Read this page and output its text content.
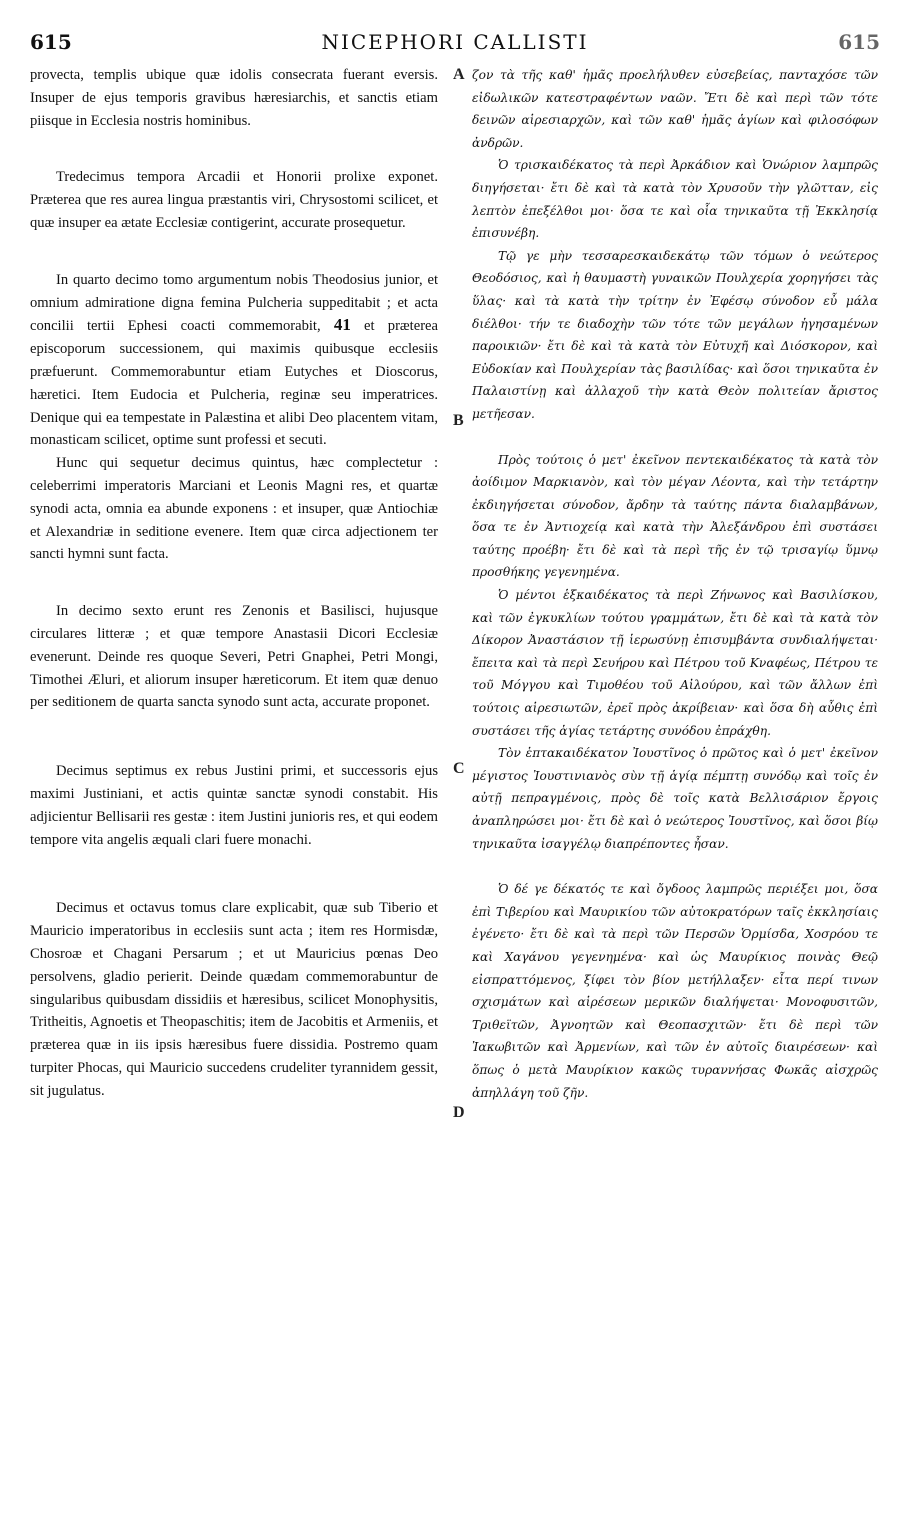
615	NICEPHORI CALLISTI	615
A
B
C
D

provecta, templis ubique quæ idolis consecrata fuerant eversis. Insuper de ejus temporis gravibus hæresiarchis, et sanctis etiam piisque in Ecclesia nostris hominibus.

Tredecimus tempora Arcadii et Honorii prolixe exponet. Præterea que res aurea lingua præstantis viri, Chrysostomi scilicet, et quæ insuper ea ætate Ecclesiæ contigerint, accurate prosequetur.

In quarto decimo tomo argumentum nobis Theodosius junior, et omnium admiratione digna femina Pulcheria suppeditabit ; et acta concilii tertii Ephesi coacti commemorabit, 41 et præterea episcoporum successionem, qui maximis quibusque ecclesiis præfuerunt. Commemorabuntur etiam Eutyches et Dioscorus, hæretici. Item Eudocia et Pulcheria, reginæ seu imperatrices. Denique qui ea tempestate in Palæstina et alibi Deo placentem vitam, monasticam scilicet, optime sunt professi et secuti.

Hunc qui sequetur decimus quintus, hæc complectetur : celeberrimi imperatoris Marciani et Leonis Magni res, et quartæ synodi acta, omnia ea abunde exponens : et insuper, quæ Antiochiæ et Alexandriæ in seditione evenere. Item quæ circa adjectionem ter sancti hymni sunt facta.

In decimo sexto erunt res Zenonis et Basilisci, hujusque circulares litteræ ; et quæ tempore Anastasii Dicori Ecclesiæ evenerunt. Deinde res quoque Severi, Petri Gnaphei, Petri Mongi, Timothei Æluri, et aliorum insuper hæreticorum. Et item quæ denuo per seditionem de quarta sancta synodo sunt acta, accurate proponet.

Decimus septimus ex rebus Justini primi, et successoris ejus maximi Justiniani, et actis quintæ sanctæ synodi constabit. His adjicientur Bellisarii res gestæ : item Justini junioris res, et qui eodem tempore vita angelis æquali clari fuere monachi.

Decimus et octavus tomus clare explicabit, quæ sub Tiberio et Mauricio imperatoribus in ecclesiis sunt acta ; item res Hormisdæ, Chosroæ et Chagani Persarum ; et ut Mauricius pœnas Deo persolvens, gladio perierit. Deinde quædam commemorabuntur de singularibus quibusdam dissidiis et hæresibus, scilicet Monophysitis, Tritheitis, Agnoetis et Theopaschitis; item de Jacobitis et Armeniis, et præterea quæ in iis ipsis hæresibus fuere dissidia. Postremo quam turpiter Phocas, qui Mauricio succedens crudeliter tyrannidem gessit, sit jugulatus.

ζον τὰ τῆς καθ' ἡμᾶς προελήλυθεν εὐσεβείας, πανταχόσε τῶν εἰδωλικῶν κατεστραφέντων ναῶν. Ἔτι δὲ καὶ περὶ τῶν τότε δεινῶν αἱρεσιαρχῶν, καὶ τῶν καθ' ἡμᾶς ἁγίων καὶ φιλοσόφων ἀνδρῶν.

Ὁ τρισκαιδέκατος τὰ περὶ Ἀρκάδιον καὶ Ὁνώριον λαμπρῶς διηγήσεται· ἔτι δὲ καὶ τὰ κατὰ τὸν Χρυσοῦν τὴν γλῶτταν, εἰς λεπτὸν ἐπεξέλθοι μοι· ὅσα τε καὶ οἷα τηνικαῦτα τῇ Ἐκκλησίᾳ ἐπισυνέβη.

Τῷ γε μὴν τεσσαρεσκαιδεκάτῳ τῶν τόμων ὁ νεώτερος Θεοδόσιος, καὶ ἡ θαυμαστὴ γυναικῶν Πουλχερία χορηγήσει τὰς ὕλας· καὶ τὰ κατὰ τὴν τρίτην ἐν Ἐφέσῳ σύνοδον εὖ μάλα διέλθοι· τήν τε διαδοχὴν τῶν τότε τῶν μεγάλων ἡγησαμένων παροικιῶν· ἔτι δὲ καὶ τὰ κατὰ τὸν Εὐτυχῆ καὶ Διόσκορον, καὶ Εὐδοκίαν καὶ Πουλχερίαν τὰς βασιλίδας· καὶ ὅσοι τηνικαῦτα ἐν Παλαιστίνῃ καὶ ἀλλαχοῦ τὴν κατὰ Θεὸν πολιτείαν ἄριστος μετῆεσαν.

Πρὸς τούτοις ὁ μετ' ἐκεῖνον πεντεκαιδέκατος τὰ κατὰ τὸν ἀοίδιμον Μαρκιανὸν, καὶ τὸν μέγαν Λέοντα, καὶ τὴν τετάρτην ἐκδιηγήσεται σύνοδον, ἄρδην τὰ ταύτης πάντα διαλαμβάνων, ὅσα τε ἐν Ἀντιοχείᾳ καὶ κατὰ τὴν Ἀλεξάνδρου ἐπὶ συστάσει ταύτης προέβη· ἔτι δὲ καὶ τὰ περὶ τῆς ἐν τῷ τρισαγίῳ ὕμνῳ προσθήκης γεγενημένα.

Ὁ μέντοι ἑξκαιδέκατος τὰ περὶ Ζήνωνος καὶ Βασιλίσκου, καὶ τῶν ἐγκυκλίων τούτου γραμμάτων, ἔτι δὲ καὶ τὰ κατὰ τὸν Δίκορον Ἀναστάσιον τῇ ἱερωσύνῃ ἐπισυμβάντα συνδιαλήψεται· ἔπειτα καὶ τὰ περὶ Σευήρου καὶ Πέτρου τοῦ Κναφέως, Πέτρου τε τοῦ Μόγγου καὶ Τιμοθέου τοῦ Αἰλούρου, καὶ τῶν ἄλλων ἐπὶ τούτοις αἱρεσιωτῶν, ἐρεῖ πρὸς ἀκρίβειαν· καὶ ὅσα δὴ αὖθις ἐπὶ συστάσει τῆς ἁγίας τετάρτης συνόδου ἐπράχθη.

Τὸν ἑπτακαιδέκατον Ἰουστῖνος ὁ πρῶτος καὶ ὁ μετ' ἐκεῖνον μέγιστος Ἰουστινιανὸς σὺν τῇ ἁγίᾳ πέμπτῃ συνόδῳ καὶ τοῖς ἐν αὐτῇ πεπραγμένοις, πρὸς δὲ τοῖς κατὰ Βελλισάριον ἔργοις ἀναπληρώσει μοι· ἔτι δὲ καὶ ὁ νεώτερος Ἰουστῖνος, καὶ ὅσοι βίῳ τηνικαῦτα ἰσαγγέλῳ διαπρέποντες ἦσαν.

Ὁ δέ γε δέκατός τε καὶ ὄγδοος λαμπρῶς περιέξει μοι, ὅσα ἐπὶ Τιβερίου καὶ Μαυρικίου τῶν αὐτοκρατόρων ταῖς ἐκκλησίαις ἐγένετο· ἔτι δὲ καὶ τὰ περὶ τῶν Περσῶν Ὁρμίσδα, Χοσρόου τε καὶ Χαγάνου γεγενημένα· καὶ ὡς Μαυρίκιος ποινὰς Θεῷ εἰσπραττόμενος, ξίφει τὸν βίον μετήλλαξεν· εἶτα περί τινων σχισμάτων καὶ αἱρέσεων μερικῶν διαλήψεται· Μονοφυσιτῶν, Τριθεϊτῶν, Ἀγνοητῶν καὶ Θεοπασχιτῶν· ἔτι δὲ περὶ τῶν Ἰακωβιτῶν καὶ Ἀρμενίων, καὶ τῶν ἐν αὐτοῖς διαιρέσεων· καὶ ὅπως ὁ μετὰ Μαυρίκιον κακῶς τυραννήσας Φωκᾶς αἰσχρῶς ἀπηλλάγη τοῦ ζῆν.
